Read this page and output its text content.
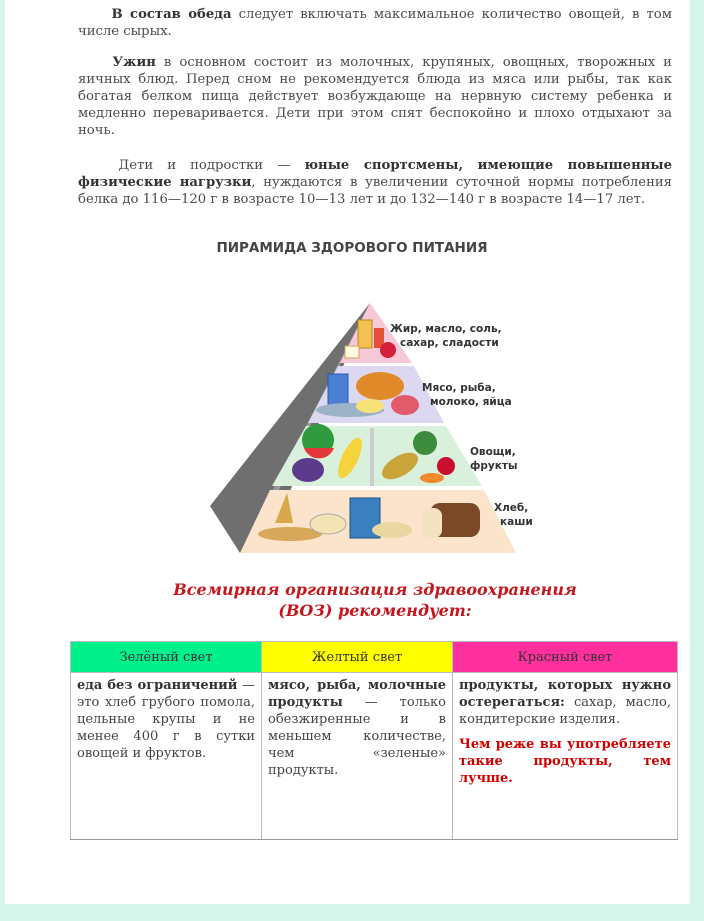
   В состав обеда следует включать максимальное количество овощей, в том числе сырых.

   Ужин в основном состоит из молочных, крупяных, овощных, творожных и яичных блюд. Перед сном не рекомендуется блюда из мяса или рыбы, так как богатая белком пища действует возбуждающе на нервную систему ребенка и медленно переваривается. Дети при этом спят беспокойно и плохо отдыхают за ночь.

   Дети и подростки — юные спортсмены, имеющие повышенные физические нагрузки, нуждаются в увеличении суточной нормы потребления белка до 116—120 г в возрасте 10—13 лет и до 132—140 г в возрасте 14—17 лет.

ПИРАМИДА ЗДОРОВОГО ПИТАНИЯ
Жир, масло, соль,
сахар, сладости
Мясо, рыба,
молоко, яйца
Овощи,
фрукты
Хлеб,
каши
Всемирная организация здравоохранения
(ВОЗ) рекомендует:
Зелёный свет	Желтый свет	Красный свет
еда без ограничений — это хлеб грубого помола, цельные крупы и не менее 400 г в сутки овощей и фруктов.	мясо, рыба, молочные продукты — только обезжиренные и в меньшем количестве, чем «зеленые» продукты.	продукты, которых нужно остерегаться: сахар, масло, кондитерские изделия.
Чем реже вы употребляете такие продукты, тем лучше.
